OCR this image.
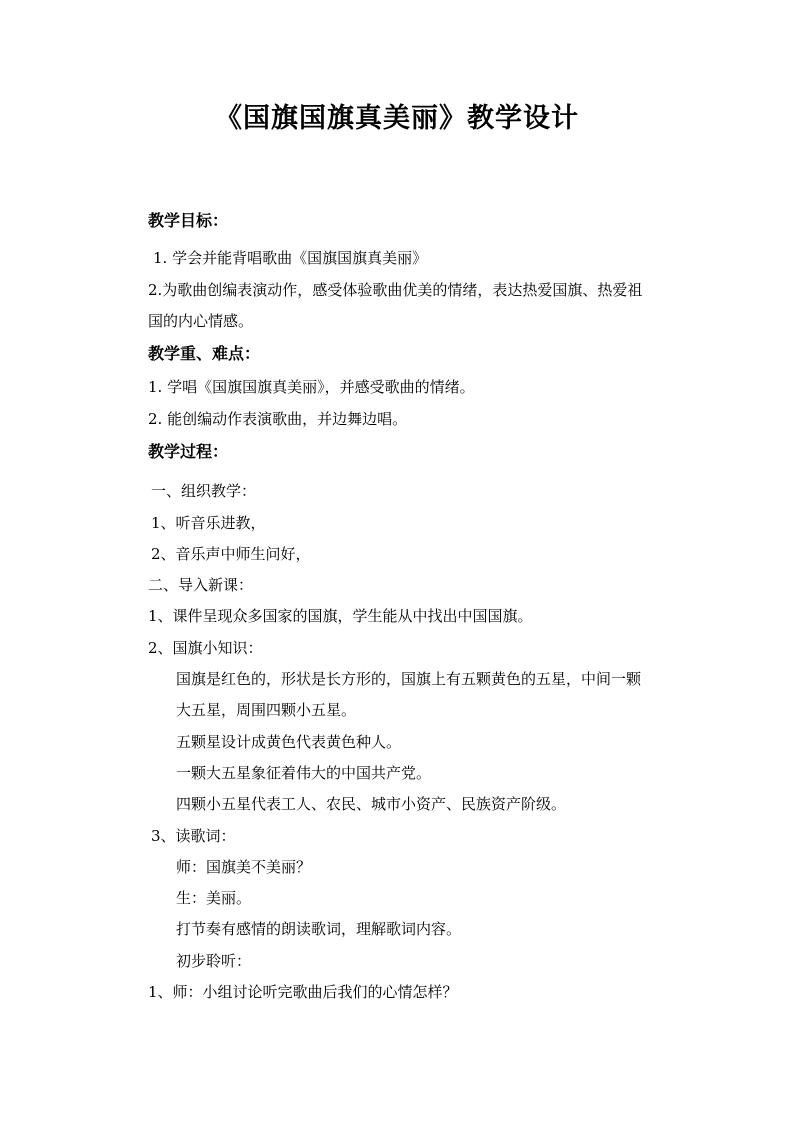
《国旗国旗真美丽》教学设计
教学目标：
1. 学会并能背唱歌曲《国旗国旗真美丽》
2.为歌曲创编表演动作，感受体验歌曲优美的情绪，表达热爱国旗、热爱祖
国的内心情感。
教学重、难点：
1. 学唱《国旗国旗真美丽》，并感受歌曲的情绪。
2. 能创编动作表演歌曲，并边舞边唱。
教学过程：
一、组织教学：
1、听音乐进教，
2、音乐声中师生问好，
二、导入新课：
1、课件呈现众多国家的国旗，学生能从中找出中国国旗。
2、国旗小知识：
国旗是红色的，形状是长方形的，国旗上有五颗黄色的五星，中间一颗
大五星，周围四颗小五星。
五颗星设计成黄色代表黄色种人。
一颗大五星象征着伟大的中国共产党。
四颗小五星代表工人、农民、城市小资产、民族资产阶级。
3、读歌词：
师：国旗美不美丽？
生：美丽。
打节奏有感情的朗读歌词，理解歌词内容。
初步聆听：
1、师：小组讨论听完歌曲后我们的心情怎样？
